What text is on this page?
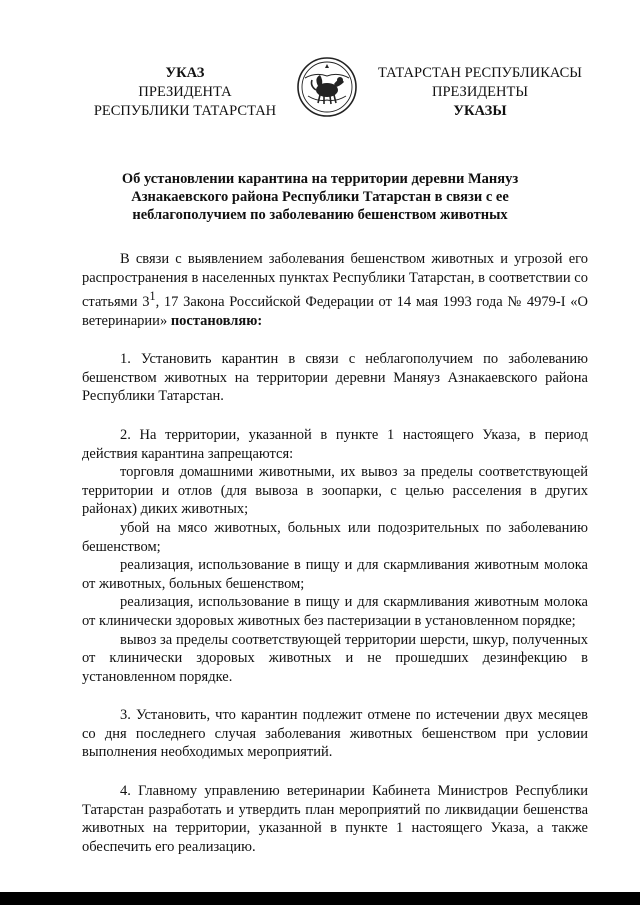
УКАЗ
ПРЕЗИДЕНТА
РЕСПУБЛИКИ ТАТАРСТАН
ТАТАРСТАН РЕСПУБЛИКАСЫ
ПРЕЗИДЕНТЫ
УКАЗЫ
Об установлении карантина на территории деревни Маняуз
Азнакаевского района Республики Татарстан в связи с ее
неблагополучием по заболеванию бешенством животных

В связи с выявлением заболевания бешенством животных и угрозой его распространения в населенных пунктах Республики Татарстан, в соответствии со статьями $3^1$, 17 Закона Российской Федерации от 14 мая 1993 года № 4979-I «О ветеринарии» постановляю:

1. Установить карантин в связи с неблагополучием по заболеванию бешенством животных на территории деревни Маняуз Азнакаевского района Республики Татарстан.

2. На территории, указанной в пункте 1 настоящего Указа, в период действия карантина запрещаются:

торговля домашними животными, их вывоз за пределы соответствующей территории и отлов (для вывоза в зоопарки, с целью расселения в других районах) диких животных;

убой на мясо животных, больных или подозрительных по заболеванию бешенством;

реализация, использование в пищу и для скармливания животным молока от животных, больных бешенством;

реализация, использование в пищу и для скармливания животным молока от клинически здоровых животных без пастеризации в установленном порядке;

вывоз за пределы соответствующей территории шерсти, шкур, полученных от клинически здоровых животных и не прошедших дезинфекцию в установленном порядке.

3. Установить, что карантин подлежит отмене по истечении двух месяцев со дня последнего случая заболевания животных бешенством при условии выполнения необходимых мероприятий.

4. Главному управлению ветеринарии Кабинета Министров Республики Татарстан разработать и утвердить план мероприятий по ликвидации бешенства животных на территории, указанной в пункте 1 настоящего Указа, а также обеспечить его реализацию.
